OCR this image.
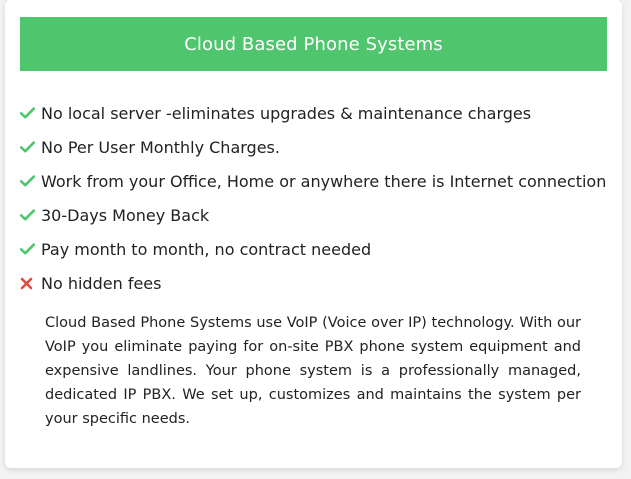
Cloud Based Phone Systems
No local server -eliminates upgrades & maintenance charges
No Per User Monthly Charges.
Work from your Office, Home or anywhere there is Internet connection
30-Days Money Back
Pay month to month, no contract needed
No hidden fees

Cloud Based Phone Systems use VoIP (Voice over IP) technology. With our VoIP you eliminate paying for on-site PBX phone system equipment and expensive landlines. Your phone system is a professionally managed, dedicated IP PBX. We set up, customizes and maintains the system per your specific needs.
